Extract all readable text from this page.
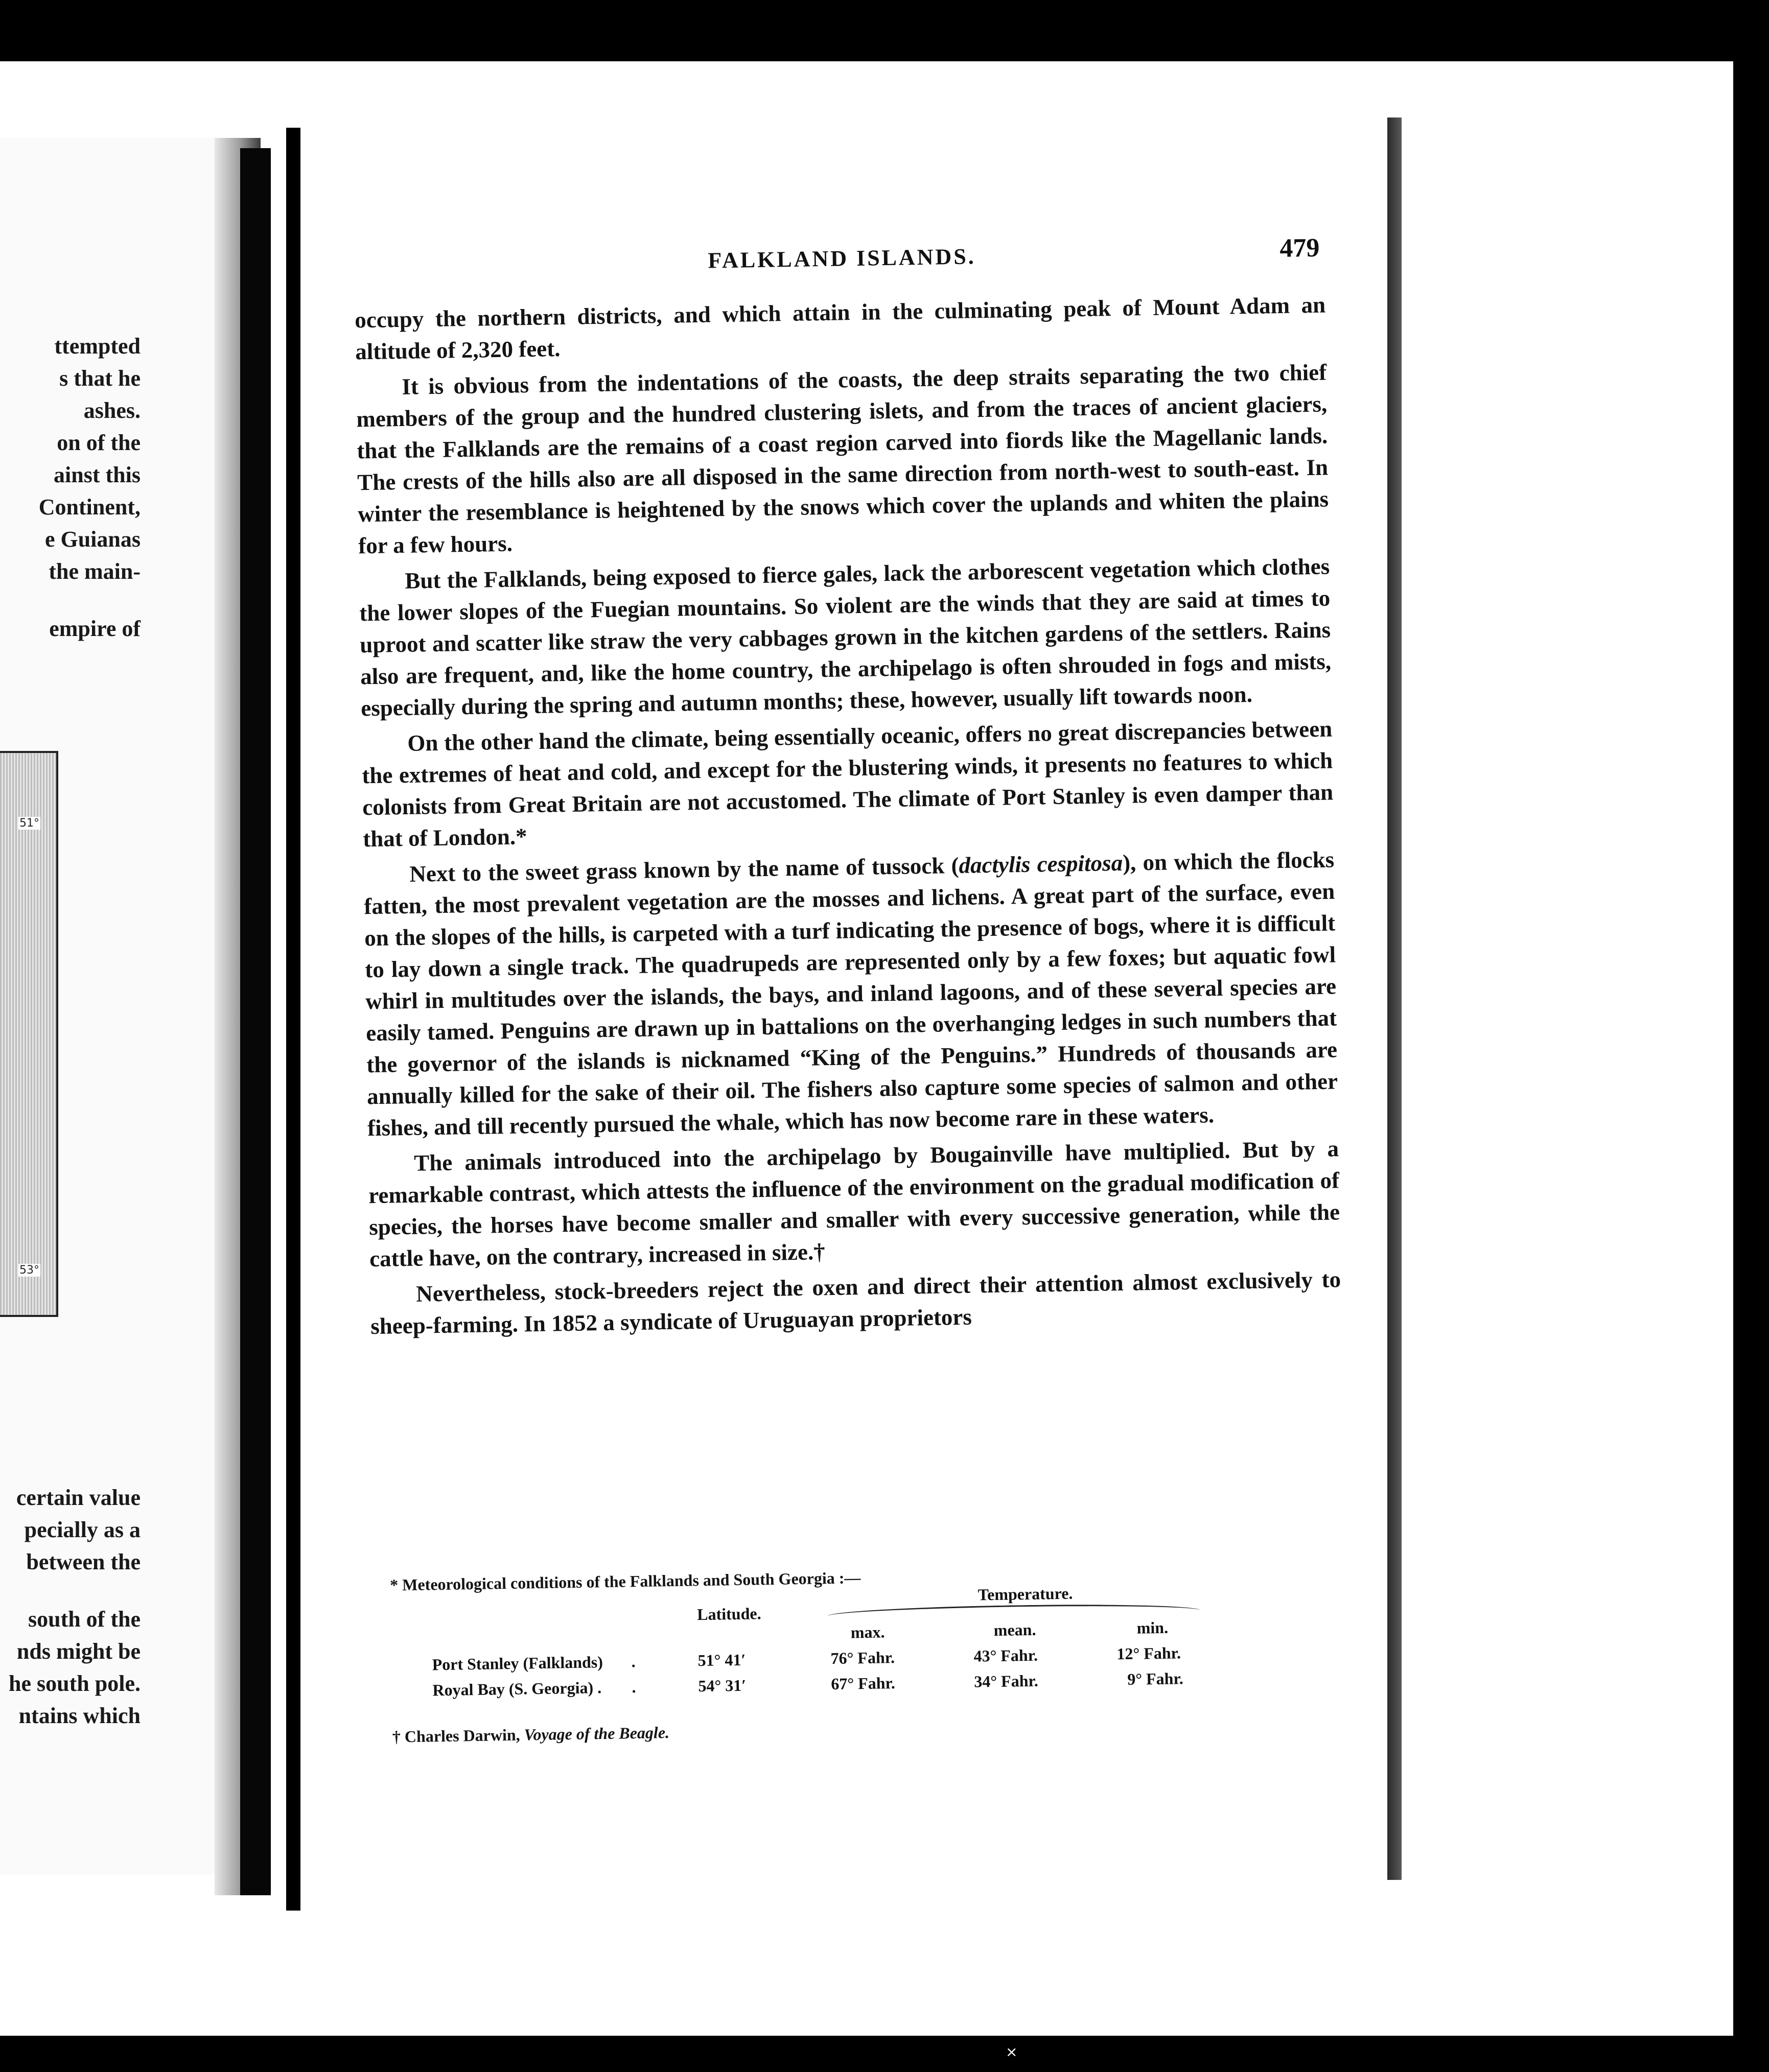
×
ttempted
s that he
ashes.
on of the
ainst this
Continent,
e Guianas
the main-
empire of
51°
53°
certain value
pecially as a
between the
south of the
nds might be
he south pole.
ntains which
FALKLAND ISLANDS.	479

occupy the northern districts, and which attain in the culminating peak of Mount Adam an altitude of 2,320 feet.

It is obvious from the indentations of the coasts, the deep straits separating the two chief members of the group and the hundred clustering islets, and from the traces of ancient glaciers, that the Falklands are the remains of a coast region carved into fiords like the Magellanic lands. The crests of the hills also are all disposed in the same direction from north-west to south-east. In winter the resemblance is heightened by the snows which cover the uplands and whiten the plains for a few hours.

But the Falklands, being exposed to fierce gales, lack the arborescent vegetation which clothes the lower slopes of the Fuegian mountains. So violent are the winds that they are said at times to uproot and scatter like straw the very cabbages grown in the kitchen gardens of the settlers. Rains also are frequent, and, like the home country, the archipelago is often shrouded in fogs and mists, especially during the spring and autumn months; these, however, usually lift towards noon.

On the other hand the climate, being essentially oceanic, offers no great discrepancies between the extremes of heat and cold, and except for the blustering winds, it presents no features to which colonists from Great Britain are not accustomed. The climate of Port Stanley is even damper than that of London.*

Next to the sweet grass known by the name of tussock (dactylis cespitosa), on which the flocks fatten, the most prevalent vegetation are the mosses and lichens. A great part of the surface, even on the slopes of the hills, is carpeted with a turf indicating the presence of bogs, where it is difficult to lay down a single track. The quadrupeds are represented only by a few foxes; but aquatic fowl whirl in multitudes over the islands, the bays, and inland lagoons, and of these several species are easily tamed. Penguins are drawn up in battalions on the overhanging ledges in such numbers that the governor of the islands is nicknamed “King of the Penguins.” Hundreds of thousands are annually killed for the sake of their oil. The fishers also capture some species of salmon and other fishes, and till recently pursued the whale, which has now become rare in these waters.

The animals introduced into the archipelago by Bougainville have multiplied. But by a remarkable contrast, which attests the influence of the environment on the gradual modification of species, the horses have become smaller and smaller with every successive generation, while the cattle have, on the contrary, increased in size.†

Nevertheless, stock-breeders reject the oxen and direct their attention almost exclusively to sheep-farming. In 1852 a syndicate of Uruguayan proprietors

* Meteorological conditions of the Falklands and South Georgia :—	Temperature.
Latitude.
max.	mean.	min.
Port Stanley (Falklands) .	51° 41′	76° Fahr.	43° Fahr.	12° Fahr.
Royal Bay (S. Georgia) . .	54° 31′	67° Fahr.	34° Fahr.	9° Fahr.
† Charles Darwin, Voyage of the Beagle.
